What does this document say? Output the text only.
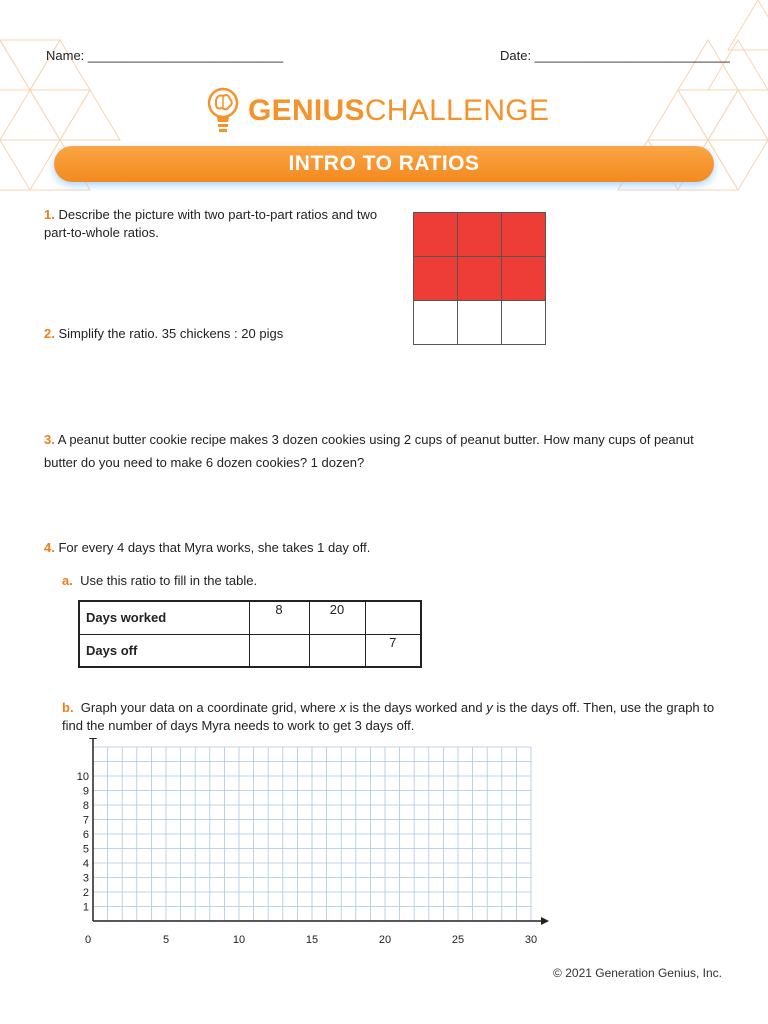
Name: ___________________________	Date: ___________________________
GENIUSCHALLENGE
INTRO TO RATIOS
1. Describe the picture with two part-to-part ratios and two part-to-whole ratios.
2. Simplify the ratio. 35 chickens : 20 pigs
3. A peanut butter cookie recipe makes 3 dozen cookies using 2 cups of peanut butter. How many cups of peanut butter do you need to make 6 dozen cookies? 1 dozen?
4. For every 4 days that Myra works, she takes 1 day off.
a. Use this ratio to fill in the table.
Days worked	8	20	
Days off			7
b. Graph your data on a coordinate grid, where x is the days worked and y is the days off. Then, use the graph to find the number of days Myra needs to work to get 3 days off.
0	5	10	15	20	25	30
1
2
3
4
5
6
7
8
9
10
© 2021 Generation Genius, Inc.
